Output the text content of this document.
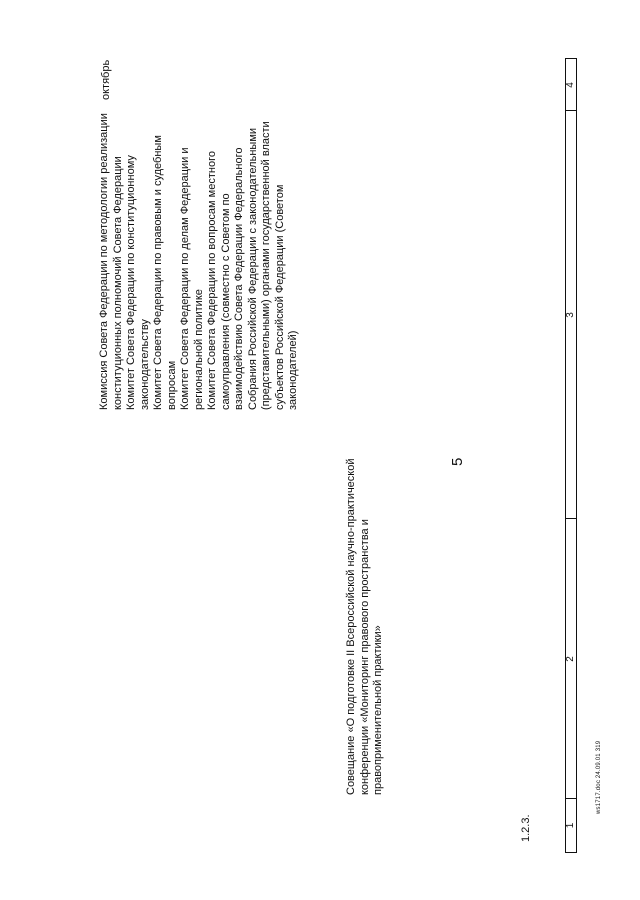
5
1
2
3
4
1.2.3.
Совещание «О подготовке II Всероссийской научно-практической конференции «Мониторинг правового пространства и правоприменительной практики»
Комиссия Совета Федерации по методологии реализации конституционных полномочий Совета Федерации
Комитет Совета Федерации по конституционному законодательству
Комитет Совета Федерации по правовым и судебным вопросам
Комитет Совета Федерации по делам Федерации и региональной политике
Комитет Совета Федерации по вопросам местного самоуправления (совместно с Советом по взаимодействию Совета Федерации Федерального Собрания Российской Федерации с законодательными (представительными) органами государственной власти субъектов Российской Федерации (Советом законодателей)
октябрь
ws1717.doc 24.09.01 319
